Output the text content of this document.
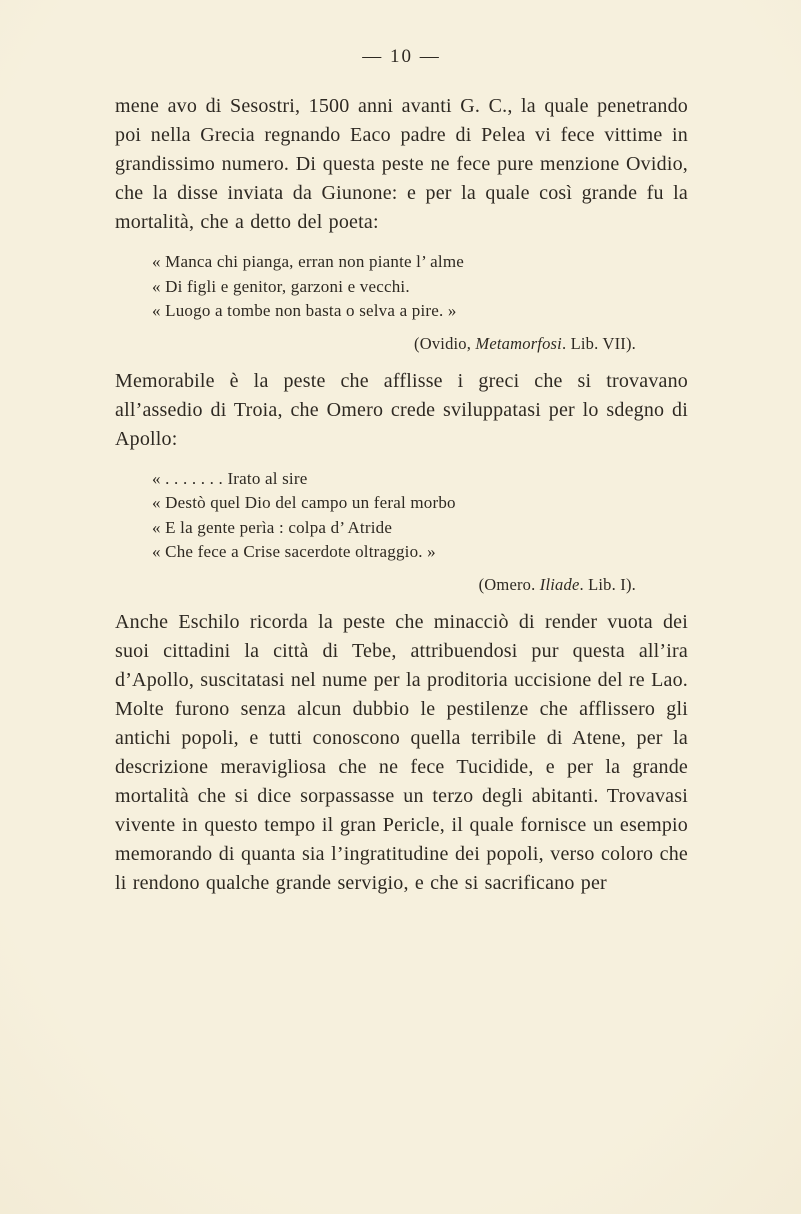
— 10 —

mene avo di Sesostri, 1500 anni avanti G. C., la quale penetrando poi nella Grecia regnando Eaco padre di Pelea vi fece vittime in grandissimo numero. Di questa peste ne fece pure menzione Ovidio, che la disse inviata da Giunone: e per la quale così grande fu la mortalità, che a detto del poeta:

« Manca chi pianga, erran non piante l’ alme
« Di figli e genitor, garzoni e vecchi.
« Luogo a tombe non basta o selva a pire. »
(Ovidio, Metamorfosi. Lib. VII).

Memorabile è la peste che afflisse i greci che si trovavano all’assedio di Troia, che Omero crede sviluppatasi per lo sdegno di Apollo:

« . . . . . . . Irato al sire
« Destò quel Dio del campo un feral morbo
« E la gente perìa : colpa d’ Atride
« Che fece a Crise sacerdote oltraggio. »
(Omero. Iliade. Lib. I).

Anche Eschilo ricorda la peste che minacciò di render vuota dei suoi cittadini la città di Tebe, attribuendosi pur questa all’ira d’Apollo, suscitatasi nel nume per la proditoria uccisione del re Lao. Molte furono senza alcun dubbio le pestilenze che afflissero gli antichi popoli, e tutti conoscono quella terribile di Atene, per la descrizione meravigliosa che ne fece Tucidide, e per la grande mortalità che si dice sorpassasse un terzo degli abitanti. Trovavasi vivente in questo tempo il gran Pericle, il quale fornisce un esempio memorando di quanta sia l’ingratitudine dei popoli, verso coloro che li rendono qualche grande servigio, e che si sacrificano per
